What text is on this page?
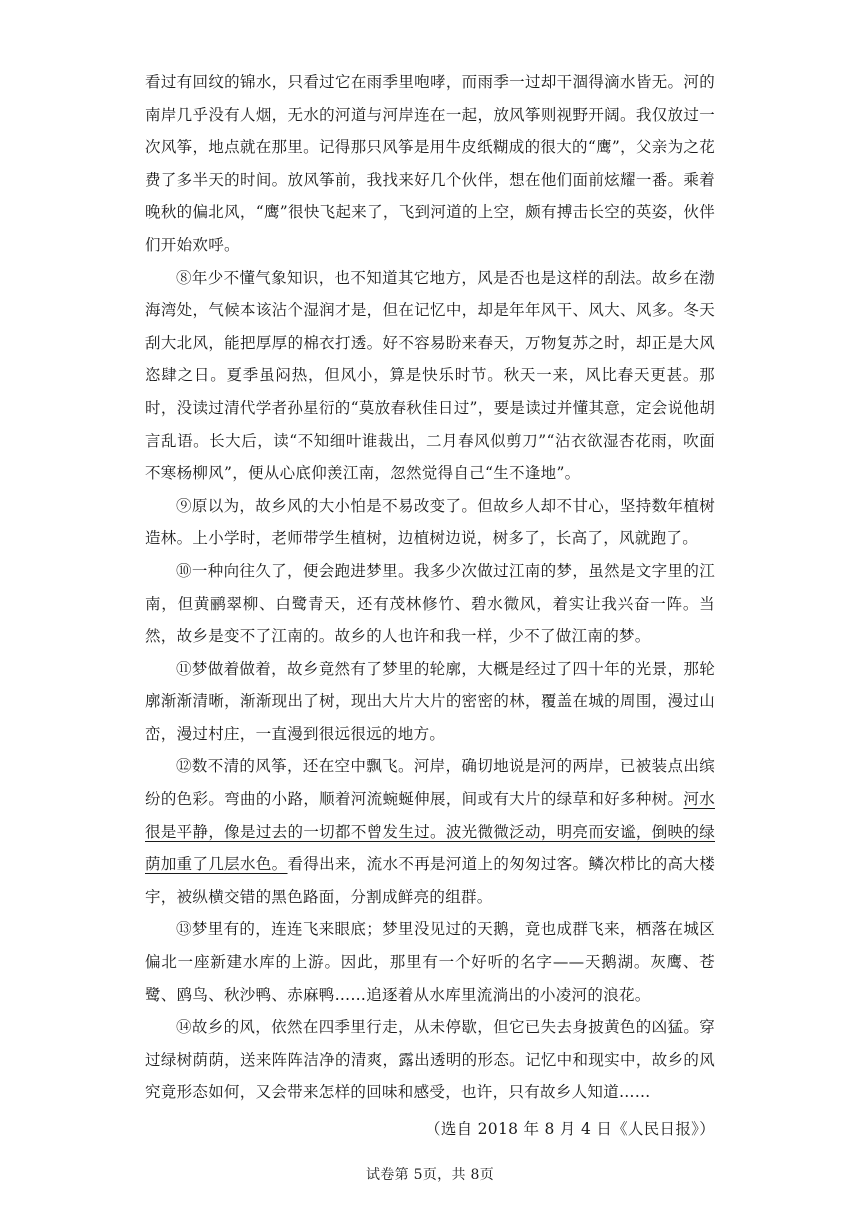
看过有回纹的锦水，只看过它在雨季里咆哮，而雨季一过却干涸得滴水皆无。河的南岸几乎没有人烟，无水的河道与河岸连在一起，放风筝则视野开阔。我仅放过一次风筝，地点就在那里。记得那只风筝是用牛皮纸糊成的很大的“鹰”，父亲为之花费了多半天的时间。放风筝前，我找来好几个伙伴，想在他们面前炫耀一番。乘着晚秋的偏北风，“鹰”很快飞起来了，飞到河道的上空，颇有搏击长空的英姿，伙伴们开始欢呼。

⑧年少不懂气象知识，也不知道其它地方，风是否也是这样的刮法。故乡在渤海湾处，气候本该沾个湿润才是，但在记忆中，却是年年风干、风大、风多。冬天刮大北风，能把厚厚的棉衣打透。好不容易盼来春天，万物复苏之时，却正是大风恣肆之日。夏季虽闷热，但风小，算是快乐时节。秋天一来，风比春天更甚。那时，没读过清代学者孙星衍的“莫放春秋佳日过”，要是读过并懂其意，定会说他胡言乱语。长大后，读“不知细叶谁裁出，二月春风似剪刀”“沾衣欲湿杏花雨，吹面不寒杨柳风”，便从心底仰羡江南，忽然觉得自己“生不逢地”。

⑨原以为，故乡风的大小怕是不易改变了。但故乡人却不甘心，坚持数年植树造林。上小学时，老师带学生植树，边植树边说，树多了，长高了，风就跑了。

⑩一种向往久了，便会跑进梦里。我多少次做过江南的梦，虽然是文字里的江南，但黄鹂翠柳、白鹭青天，还有茂林修竹、碧水微风，着实让我兴奋一阵。当然，故乡是变不了江南的。故乡的人也许和我一样，少不了做江南的梦。

⑪梦做着做着，故乡竟然有了梦里的轮廓，大概是经过了四十年的光景，那轮廓渐渐清晰，渐渐现出了树，现出大片大片的密密的林，覆盖在城的周围，漫过山峦，漫过村庄，一直漫到很远很远的地方。

⑫数不清的风筝，还在空中飘飞。河岸，确切地说是河的两岸，已被装点出缤纷的色彩。弯曲的小路，顺着河流蜿蜒伸展，间或有大片的绿草和好多种树。河水很是平静，像是过去的一切都不曾发生过。波光微微泛动，明亮而安谧，倒映的绿荫加重了几层水色。看得出来，流水不再是河道上的匆匆过客。鳞次栉比的高大楼宇，被纵横交错的黑色路面，分割成鲜亮的组群。

⑬梦里有的，连连飞来眼底；梦里没见过的天鹅，竟也成群飞来，栖落在城区偏北一座新建水库的上游。因此，那里有一个好听的名字——天鹅湖。灰鹰、苍鹭、鸥鸟、秋沙鸭、赤麻鸭……追逐着从水库里流淌出的小凌河的浪花。

⑭故乡的风，依然在四季里行走，从未停歇，但它已失去身披黄色的凶猛。穿过绿树荫荫，送来阵阵洁净的清爽，露出透明的形态。记忆中和现实中，故乡的风究竟形态如何，又会带来怎样的回味和感受，也许，只有故乡人知道……

（选自 2018 年 8 月 4 日《人民日报》）
试卷第 5页，共 8页
